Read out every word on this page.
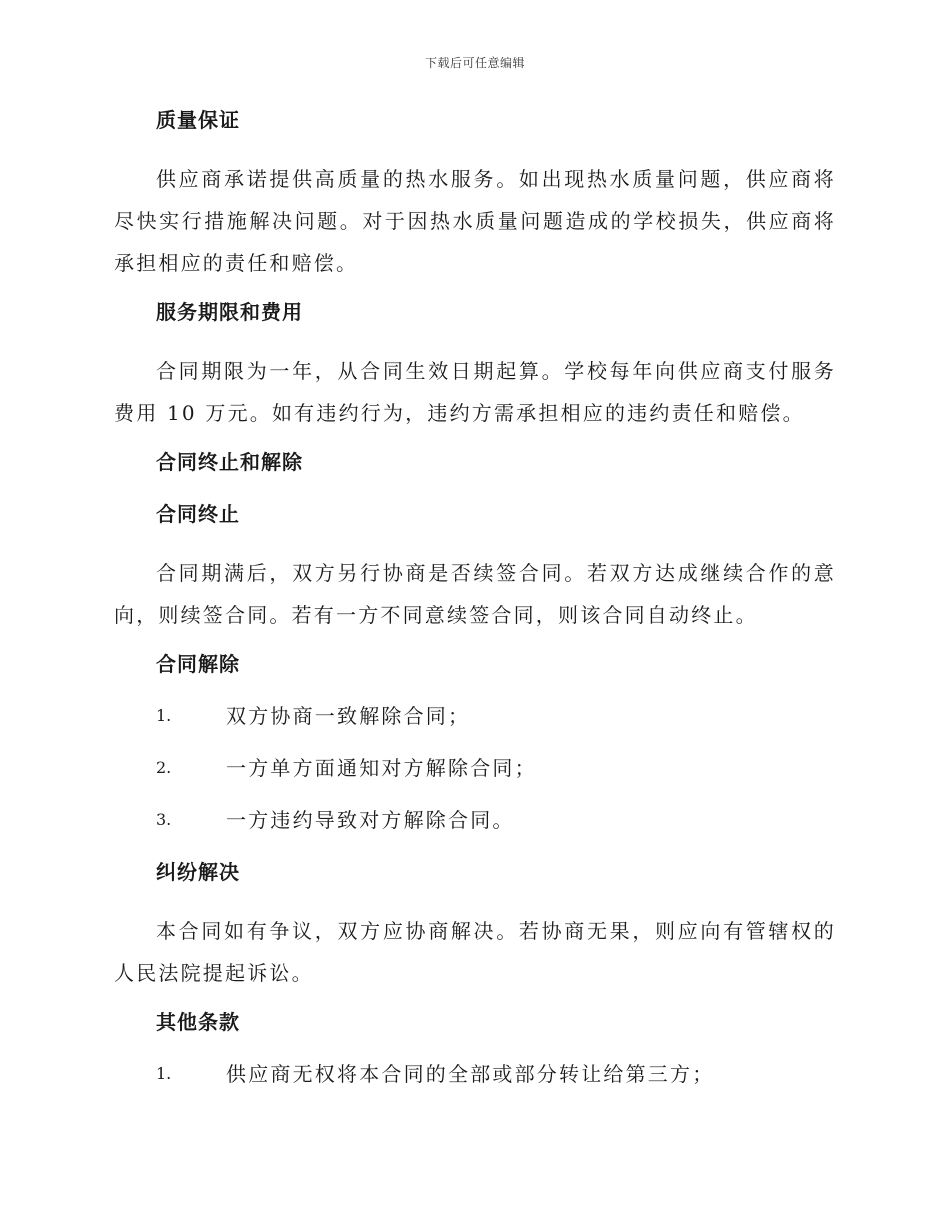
下载后可任意编辑
质量保证
供应商承诺提供高质量的热水服务。如出现热水质量问题，供应商将尽快实行措施解决问题。对于因热水质量问题造成的学校损失，供应商将承担相应的责任和赔偿。
服务期限和费用
合同期限为一年，从合同生效日期起算。学校每年向供应商支付服务费用 10 万元。如有违约行为，违约方需承担相应的违约责任和赔偿。
合同终止和解除
合同终止
合同期满后，双方另行协商是否续签合同。若双方达成继续合作的意向，则续签合同。若有一方不同意续签合同，则该合同自动终止。
合同解除
1.	双方协商一致解除合同；
2.	一方单方面通知对方解除合同；
3.	一方违约导致对方解除合同。
纠纷解决
本合同如有争议，双方应协商解决。若协商无果，则应向有管辖权的人民法院提起诉讼。
其他条款
1.	供应商无权将本合同的全部或部分转让给第三方；
